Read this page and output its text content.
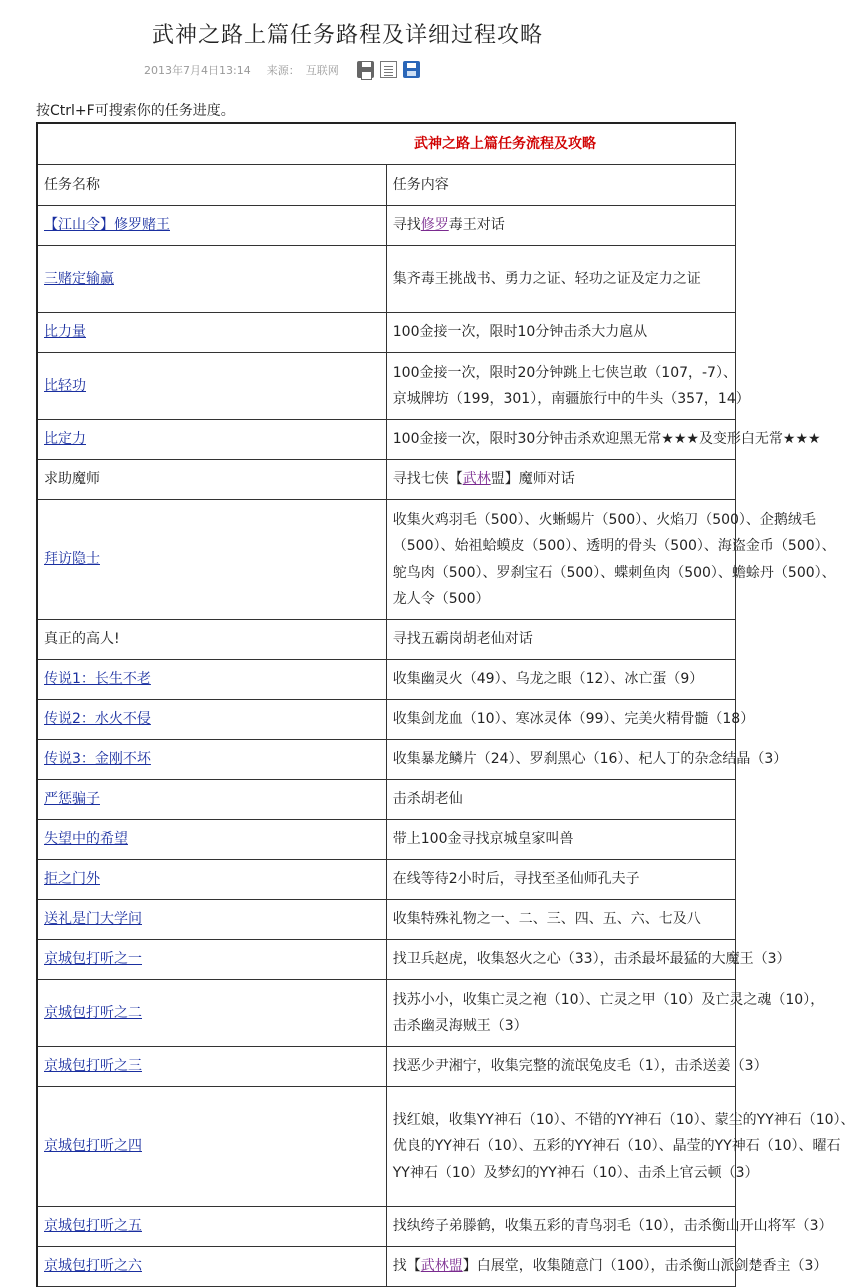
武神之路上篇任务路程及详细过程攻略
2013年7月4日13:14 来源： 互联网
按Ctrl+F可搜索你的任务进度。
武神之路上篇任务流程及攻略	
任务名称	任务内容
【江山令】修罗赌王	寻找修罗毒王对话

三赌定输赢	集齐毒王挑战书、勇力之证、轻功之证及定力之证

比力量	100金接一次，限时10分钟击杀大力扈从

比轻功	100金接一次，限时20分钟跳上七侠岂敢（107，-7）、
京城牌坊（199，301），南疆旅行中的牛头（357，14）

比定力	100金接一次，限时30分钟击杀欢迎黑无常★★★及变形白无常★★★

求助魔师	寻找七侠【武林盟】魔师对话

拜访隐士	收集火鸡羽毛（500）、火蜥蜴片（500）、火焰刀（500）、企鹅绒毛
（500）、始祖蛤蟆皮（500）、透明的骨头（500）、海盗金币（500）、
鸵鸟肉（500）、罗刹宝石（500）、蝶刺鱼肉（500）、蟾蜍丹（500）、
龙人令（500）

真正的高人!	寻找五霸岗胡老仙对话

传说1：长生不老	收集幽灵火（49）、乌龙之眼（12）、冰亡蛋（9）

传说2：水火不侵	收集剑龙血（10）、寒冰灵体（99）、完美火精骨髓（18）

传说3：金刚不坏	收集暴龙鳞片（24）、罗刹黑心（16）、杞人丁的杂念结晶（3）

严惩骗子	击杀胡老仙

失望中的希望	带上100金寻找京城皇家叫兽

拒之门外	在线等待2小时后，寻找至圣仙师孔夫子

送礼是门大学问	收集特殊礼物之一、二、三、四、五、六、七及八

京城包打听之一	找卫兵赵虎，收集怒火之心（33），击杀最坏最猛的大魔王（3）

京城包打听之二	找苏小小，收集亡灵之袍（10）、亡灵之甲（10）及亡灵之魂（10），
击杀幽灵海贼王（3）

京城包打听之三	找恶少尹湘宁，收集完整的流氓兔皮毛（1），击杀送姜（3）

京城包打听之四	找红娘，收集YY神石（10）、不错的YY神石（10）、蒙尘的YY神石（10）、
优良的YY神石（10）、五彩的YY神石（10）、晶莹的YY神石（10）、曜石
YY神石（10）及梦幻的YY神石（10）、击杀上官云顿（3）

京城包打听之五	找纨绔子弟滕鹤，收集五彩的青鸟羽毛（10），击杀衡山开山将军（3）

京城包打听之六	找【武林盟】白展堂，收集随意门（100），击杀衡山派剑楚香主（3）
